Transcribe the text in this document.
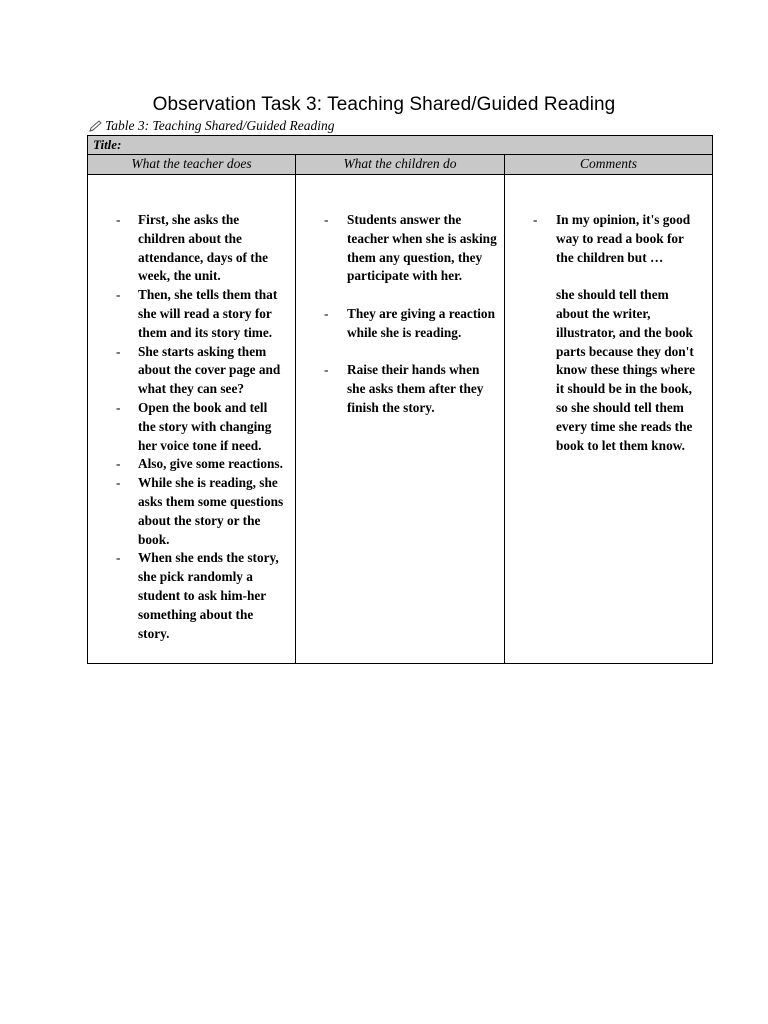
Observation Task 3: Teaching Shared/Guided Reading
Table 3: Teaching Shared/Guided Reading
Title:
What the teacher does	What the children do	Comments
- First, she asks the children about the attendance, days of the week, the unit.
- Then, she tells them that she will read a story for them and its story time.
- She starts asking them about the cover page and what they can see?
- Open the book and tell the story with changing her voice tone if need.
- Also, give some reactions.
- While she is reading, she asks them some questions about the story or the book.
- When she ends the story, she pick randomly a student to ask him-her something about the story.
- Students answer the teacher when she is asking them any question, they participate with her.
- They are giving a reaction while she is reading.
- Raise their hands when she asks them after they finish the story.
- In my opinion, it's good way to read a book for the children but …
she should tell them about the writer, illustrator, and the book parts because they don't know these things where it should be in the book, so she should tell them every time she reads the book to let them know.
